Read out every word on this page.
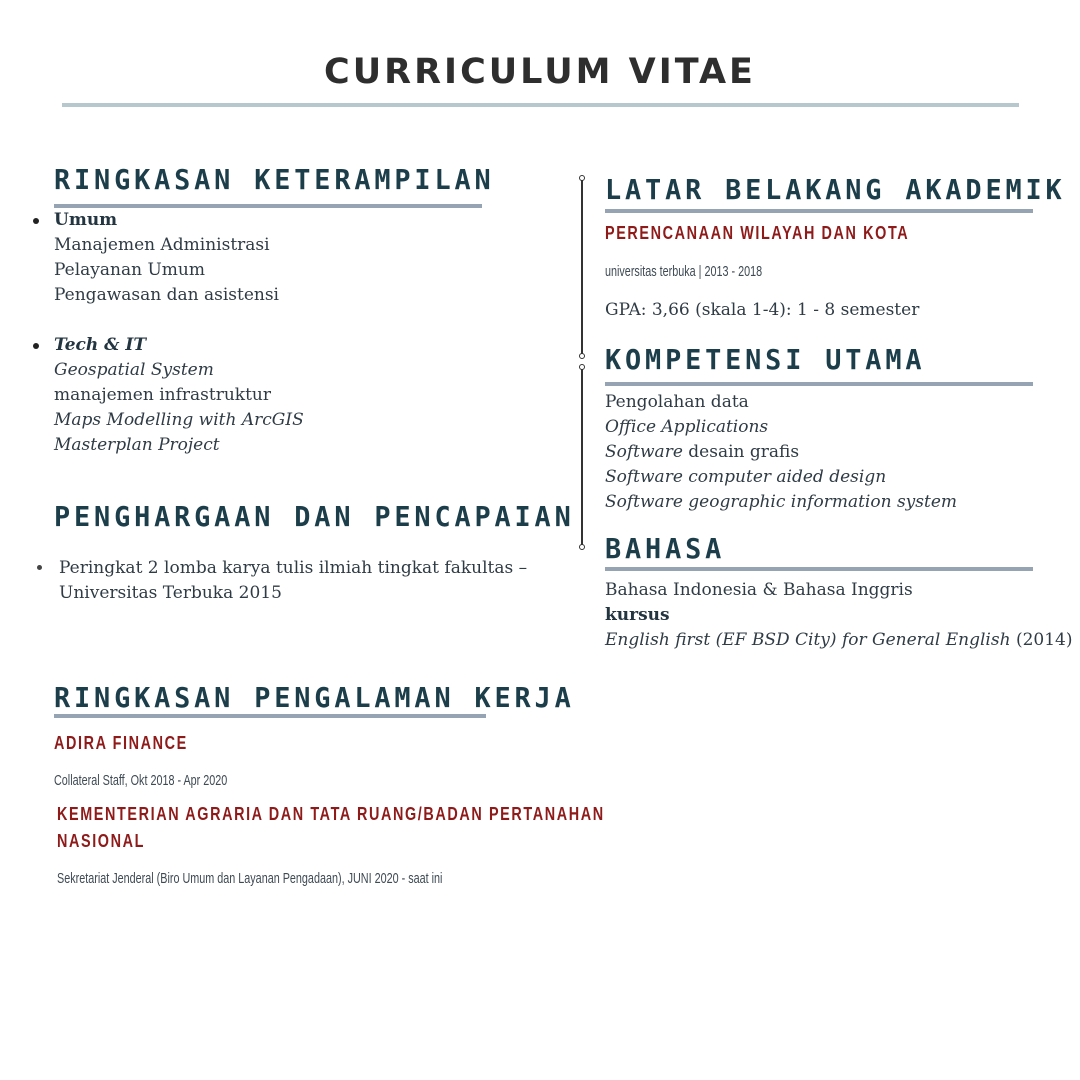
CURRICULUM VITAE
RINGKASAN KETERAMPILAN
Umum
Manajemen Administrasi
Pelayanan Umum
Pengawasan dan asistensi
Tech & IT
Geospatial System
manajemen infrastruktur
Maps Modelling with ArcGIS
Masterplan Project
PENGHARGAAN DAN PENCAPAIAN
Peringkat 2 lomba karya tulis ilmiah tingkat fakultas –
Universitas Terbuka 2015
LATAR BELAKANG AKADEMIK
PERENCANAAN WILAYAH DAN KOTA
universitas terbuka | 2013 - 2018
GPA: 3,66 (skala 1-4): 1 - 8 semester
KOMPETENSI UTAMA
Pengolahan data
Office Applications
Software desain grafis
Software computer aided design
Software geographic information system
BAHASA
Bahasa Indonesia & Bahasa Inggris
kursus
English first (EF BSD City) for General English (2014)
RINGKASAN PENGALAMAN KERJA
ADIRA FINANCE
Collateral Staff, Okt 2018 - Apr 2020
KEMENTERIAN AGRARIA DAN TATA RUANG/BADAN PERTANAHAN
NASIONAL
Sekretariat Jenderal (Biro Umum dan Layanan Pengadaan), JUNI 2020 - saat ini
